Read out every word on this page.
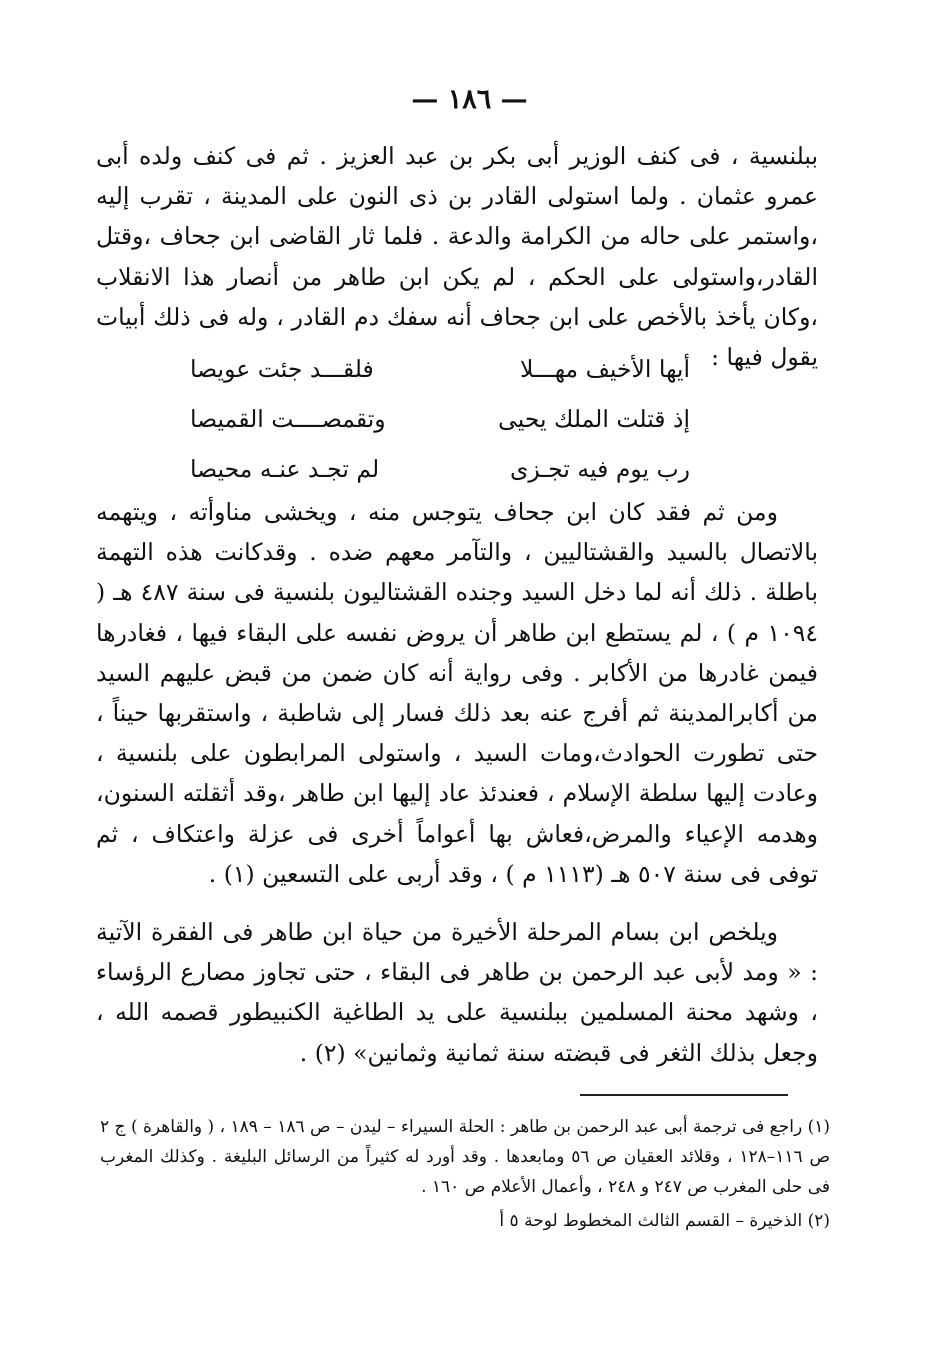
— ١٨٦ —

ببلنسية ، فى كنف الوزير أبى بكر بن عبد العزيز . ثم فى كنف ولده أبى عمرو عثمان . ولما استولى القادر بن ذى النون على المدينة ، تقرب إليه ،واستمر على حاله من الكرامة والدعة . فلما ثار القاضى ابن جحاف ،وقتل القادر،واستولى على الحكم ، لم يكن ابن طاهر من أنصار هذا الانقلاب ،وكان يأخذ بالأخص على ابن جحاف أنه سفك دم القادر ، وله فى ذلك أبيات يقول فيها :

أيها الأخيف مهـــلا
فلقـــد جئت عويصا
إذ قتلت الملك يحيى
وتقمصــــت القميصا
رب يوم فيه تجـزى
لم تجـد عنـه محيصا

ومن ثم فقد كان ابن جحاف يتوجس منه ، ويخشى مناوأته ، ويتهمه بالاتصال بالسيد والقشتاليين ، والتآمر معهم ضده . وقدكانت هذه التهمة باطلة . ذلك أنه لما دخل السيد وجنده القشتاليون بلنسية فى سنة ٤٨٧ هـ ( ١٠٩٤ م ) ، لم يستطع ابن طاهر أن يروض نفسه على البقاء فيها ، فغادرها فيمن غادرها من الأكابر . وفى رواية أنه كان ضمن من قبض عليهم السيد من أكابرالمدينة ثم أفرج عنه بعد ذلك فسار إلى شاطبة ، واستقربها حيناً ، حتى تطورت الحوادث،ومات السيد ، واستولى المرابطون على بلنسية ، وعادت إليها سلطة الإسلام ، فعندئذ عاد إليها ابن طاهر ،وقد أثقلته السنون، وهدمه الإعياء والمرض،فعاش بها أعواماً أخرى فى عزلة واعتكاف ، ثم توفى فى سنة ٥٠٧ هـ (١١١٣ م ) ، وقد أربى على التسعين (١) .

ويلخص ابن بسام المرحلة الأخيرة من حياة ابن طاهر فى الفقرة الآتية : « ومد لأبى عبد الرحمن بن طاهر فى البقاء ، حتى تجاوز مصارع الرؤساء ، وشهد محنة المسلمين ببلنسية على يد الطاغية الكنبيطور قصمه الله ، وجعل بذلك الثغر فى قبضته سنة ثمانية وثمانين» (٢) .

(١) راجع فى ترجمة أبى عبد الرحمن بن طاهر : الحلة السيراء – ليدن – ص ١٨٦ – ١٨٩ ، ( والقاهرة ) ج ٢ ص ١١٦–١٢٨ ، وقلائد العقيان ص ٥٦ ومابعدها . وقد أورد له كثيراً من الرسائل البليغة . وكذلك المغرب فى حلى المغرب ص ٢٤٧ و ٢٤٨ ، وأعمال الأعلام ص ١٦٠ .

(٢) الذخيرة – القسم الثالث المخطوط لوحة ٥ أ
